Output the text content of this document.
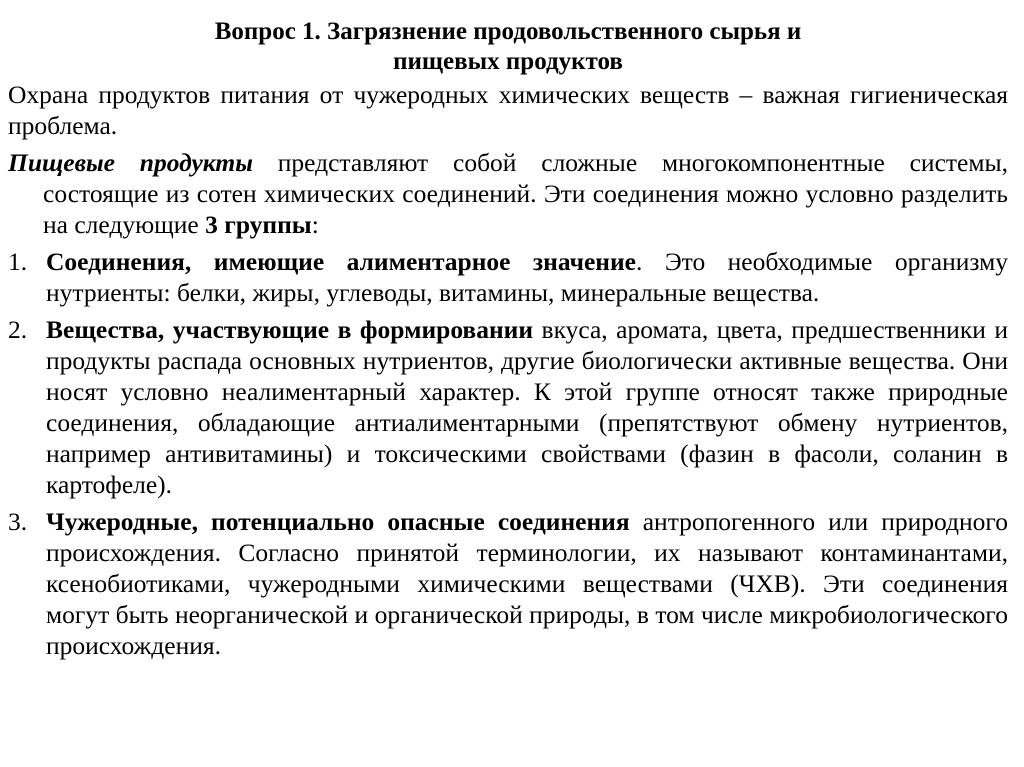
Вопрос 1. Загрязнение продовольственного сырья и
пищевых продуктов

Охрана продуктов питания от чужеродных химических веществ – важная гигиеническая проблема.

Пищевые продукты представляют собой сложные многокомпонентные системы, состоящие из сотен химических соединений. Эти соединения можно условно разделить на следующие 3 группы:

1. Соединения, имеющие алиментарное значение. Это необходимые организму нутриенты: белки, жиры, углеводы, витамины, минеральные вещества.

2. Вещества, участвующие в формировании вкуса, аромата, цвета, предшественники и продукты распада основных нутриентов, другие биологически активные вещества. Они носят условно неалиментарный характер. К этой группе относят также природные соединения, обладающие антиалиментарными (препятствуют обмену нутриентов, например антивитамины) и токсическими свойствами (фазин в фасоли, соланин в картофеле).

3. Чужеродные, потенциально опасные соединения антропогенного или природного происхождения. Согласно принятой терминологии, их называют контаминантами, ксенобиотиками, чужеродными химическими веществами (ЧХВ). Эти соединения могут быть неорганической и органической природы, в том числе микробиологического происхождения.
